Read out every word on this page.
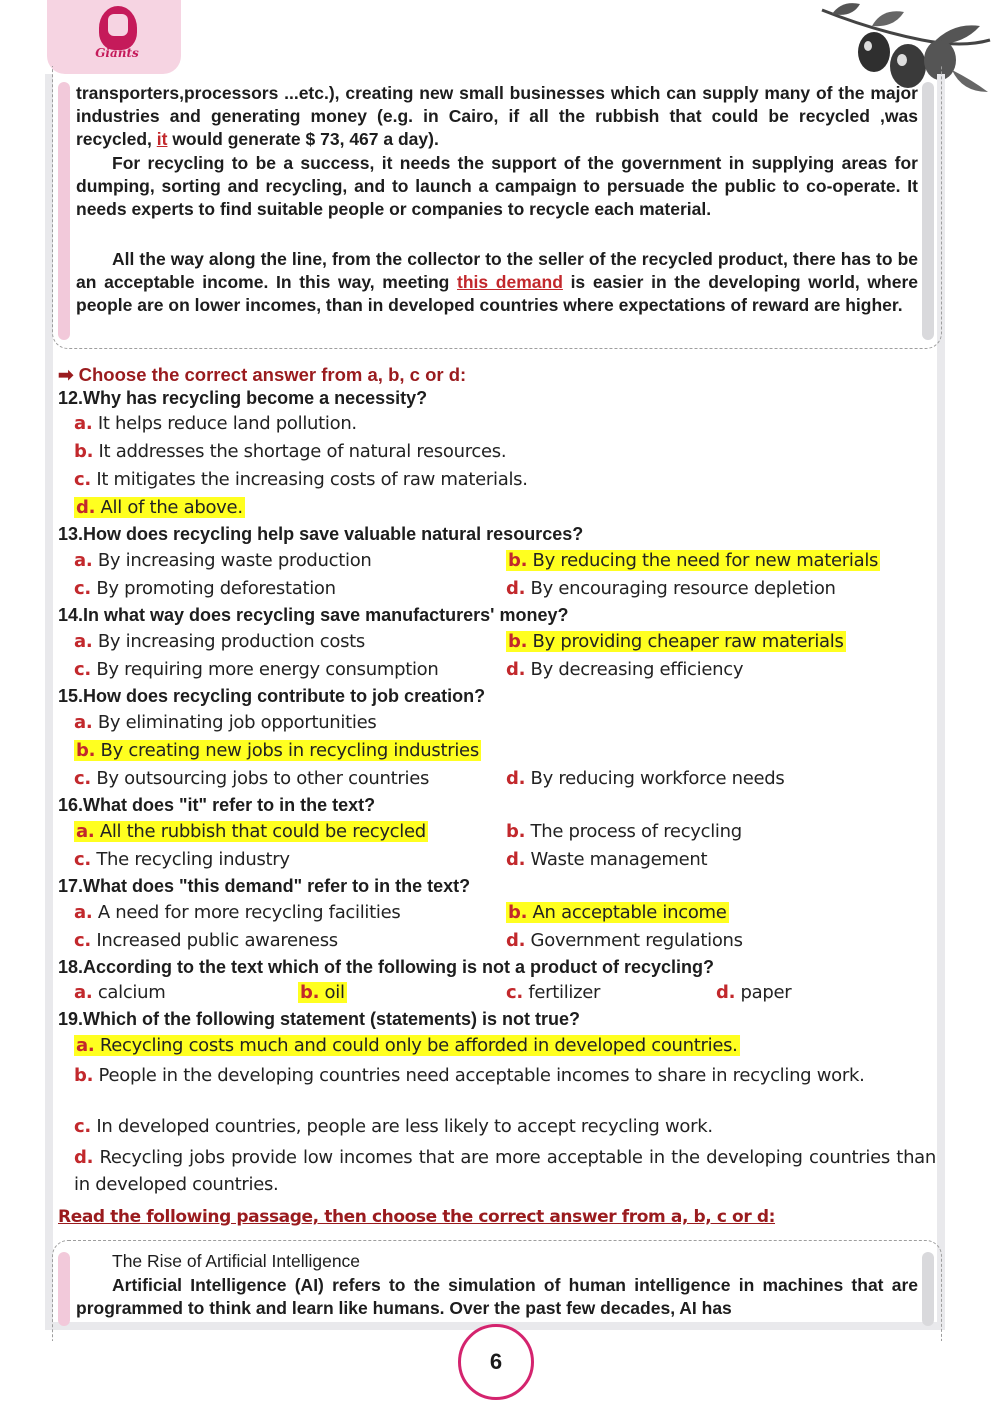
Giants
transporters,processors ...etc.), creating new small businesses which can supply many of the major industries and generating money (e.g. in Cairo, if all the rubbish that could be recycled ,was recycled, it would generate $ 73, 467 a day).
For recycling to be a success, it needs the support of the government in supplying areas for dumping, sorting and recycling, and to launch a campaign to persuade the public to co-operate. It needs experts to find suitable people or companies to recycle each material.
All the way along the line, from the collector to the seller of the recycled product, there has to be an acceptable income. In this way, meeting this demand is easier in the developing world, where people are on lower incomes, than in developed countries where expectations of reward are higher.
➡ Choose the correct answer from a, b, c or d:
12.Why has recycling become a necessity?
a. It helps reduce land pollution.
b. It addresses the shortage of natural resources.
c. It mitigates the increasing costs of raw materials.
d. All of the above.
13.How does recycling help save valuable natural resources?
a. By increasing waste production	b. By reducing the need for new materials
c. By promoting deforestation	d. By encouraging resource depletion
14.In what way does recycling save manufacturers' money?
a. By increasing production costs	b. By providing cheaper raw materials
c. By requiring more energy consumption	d. By decreasing efficiency
15.How does recycling contribute to job creation?
a. By eliminating job opportunities
b. By creating new jobs in recycling industries
c. By outsourcing jobs to other countries	d. By reducing workforce needs
16.What does "it" refer to in the text?
a. All the rubbish that could be recycled	b. The process of recycling
c. The recycling industry	d. Waste management
17.What does "this demand" refer to in the text?
a. A need for more recycling facilities	b. An acceptable income
c. Increased public awareness	d. Government regulations
18.According to the text which of the following is not a product of recycling?
a. calcium	b. oil	c. fertilizer	d. paper
19.Which of the following statement (statements) is not true?
a. Recycling costs much and could only be afforded in developed countries.
b. People in the developing countries need acceptable incomes to share in recycling work.
c. In developed countries, people are less likely to accept recycling work.
d. Recycling jobs provide low incomes that are more acceptable in the developing countries than in developed countries.
Read the following passage, then choose the correct answer from a, b, c or d:
The Rise of Artificial Intelligence
Artificial Intelligence (AI) refers to the simulation of human intelligence in machines that are programmed to think and learn like humans. Over the past few decades, AI has
6
